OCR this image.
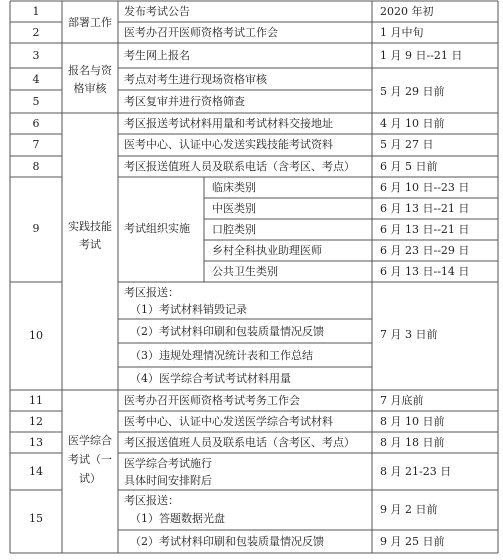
1
2
3
4
5
6
7
8
9
10
11
12
13
14
15
部署工作
报名与资
格审核
实践技能
考试
医学综合
考试（一
试）
发布考试公告
医考办召开医师资格考试工作会
考生网上报名
考点对考生进行现场资格审核
考区复审并进行资格筛查
考区报送考试材料用量和考试材料交接地址
医考中心、认证中心发送实践技能考试资料
考区报送值班人员及联系电话（含考区、考点）
考试组织实施
临床类别
中医类别
口腔类别
乡村全科执业助理医师
公共卫生类别
考区报送：
（1）考试材料销毁记录
（2）考试材料印刷和包装质量情况反馈
（3）违规处理情况统计表和工作总结
（4）医学综合考试考试材料用量
医考办召开医师资格考试考务工作会
医考中心、认证中心发送医学综合考试材料
考区报送值班人员及联系电话（含考区、考点）
医学综合考试施行
具体时间安排附后
考区报送：
（1）答题数据光盘
（2）考试材料印刷和包装质量情况反馈
2020 年初
1 月中旬
1 月 9 日--21 日
5 月 29 日前
4 月 10 日前
5 月 27 日
6 月 5 日前
6 月 10 日--23 日
6 月 13 日--21 日
6 月 13 日--21 日
6 月 23 日--29 日
6 月 13 日--14 日
7 月 3 日前
7 月底前
8 月 10 日前
8 月 18 日前
8 月 21-23 日
9 月 2 日前
9 月 25 日前
